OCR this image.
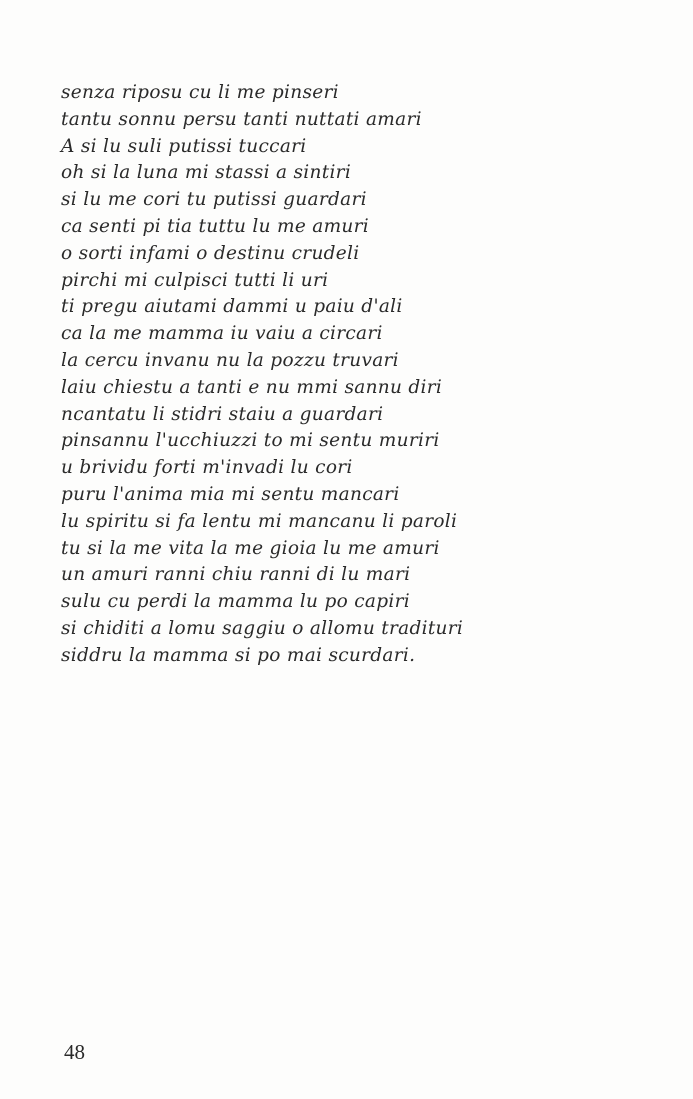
senza riposu cu li me pinseri
tantu sonnu persu tanti nuttati amari
A si lu suli putissi tuccari
oh si la luna mi stassi a sintiri
si lu me cori tu putissi guardari
ca senti pi tia tuttu lu me amuri
o sorti infami o destinu crudeli
pirchi mi culpisci tutti li uri
ti pregu aiutami dammi u paiu d'ali
ca la me mamma iu vaiu a circari
la cercu invanu nu la pozzu truvari
laiu chiestu a tanti e nu mmi sannu diri
ncantatu li stidri staiu a guardari
pinsannu l'ucchiuzzi to mi sentu muriri
u brividu forti m'invadi lu cori
puru l'anima mia mi sentu mancari
lu spiritu si fa lentu mi mancanu li paroli
tu si la me vita la me gioia lu me amuri
un amuri ranni chiu ranni di lu mari
sulu cu perdi la mamma lu po capiri
si chiditi a lomu saggiu o allomu tradituri
siddru la mamma si po mai scurdari.
48
